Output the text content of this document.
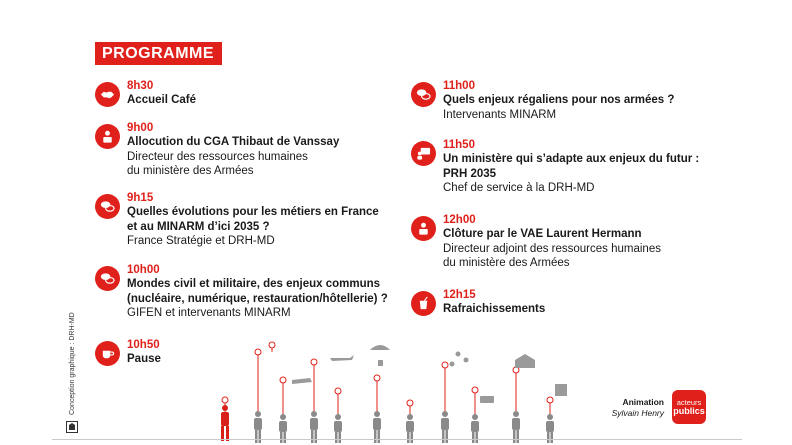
PROGRAMME
8h30
Accueil Café
9h00
Allocution du CGA Thibaut de Vanssay
Directeur des ressources humaines
du ministère des Armées
9h15
Quelles évolutions pour les métiers en France
et au MINARM d’ici 2035 ?
France Stratégie et DRH-MD
10h00
Mondes civil et militaire, des enjeux communs
(nucléaire, numérique, restauration/hôtellerie) ?
GIFEN et intervenants MINARM
10h50
Pause
11h00
Quels enjeux régaliens pour nos armées ?
Intervenants MINARM
11h50
Un ministère qui s’adapte aux enjeux du futur :
PRH 2035
Chef de service à la DRH-MD
12h00
Clôture par le VAE Laurent Hermann
Directeur adjoint des ressources humaines
du ministère des Armées
12h15
Rafraichissements
Conception graphique : DRH-MD	Animation
Sylvain Henry
acteurs
publics
